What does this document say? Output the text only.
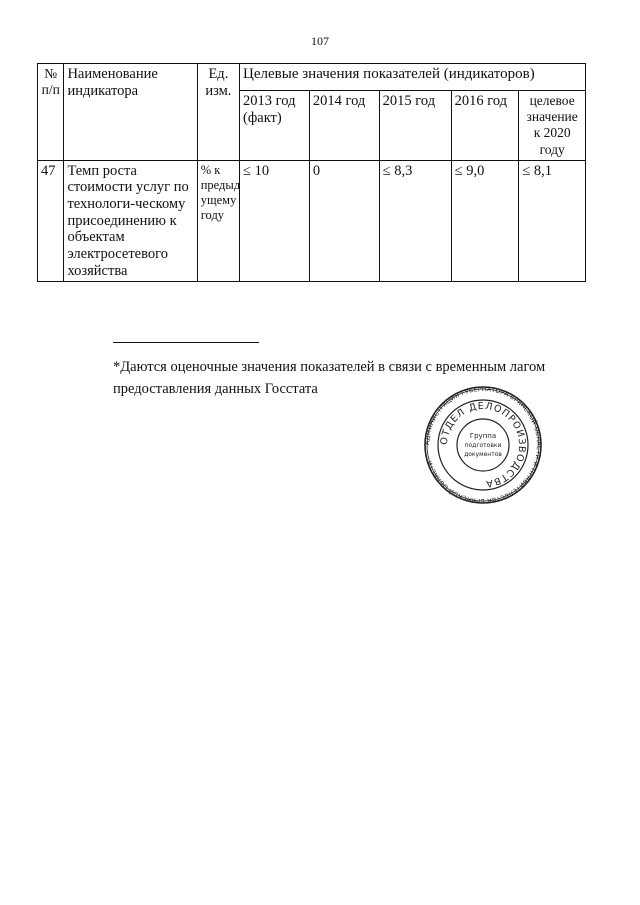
107
№ п/п	Наименование индикатора	Ед. изм.	Целевые значения показателей (индикаторов)				
			2013 год (факт)	2014 год	2015 год	2016 год	целевое значение к 2020 году
47	Темп роста стоимости услуг по технологи-ческому присоединению к объектам электросетевого хозяйства	% к предыд ущему году	≤ 10	0	≤ 8,3	≤ 9,0	≤ 8,1
*Даются оценочные значения показателей в связи с временным лагом предоставления данных Госстата
АДМИНИСТРАЦИЯ ГУБЕРНАТОРА БРЯНСКОЙ ОБЛАСТИ И ПРАВИТЕЛЬСТВА БРЯНСКОЙ ОБЛАСТИ
ОТДЕЛ ДЕЛОПРОИЗВОДСТВА
Группа
подготовки
документов
